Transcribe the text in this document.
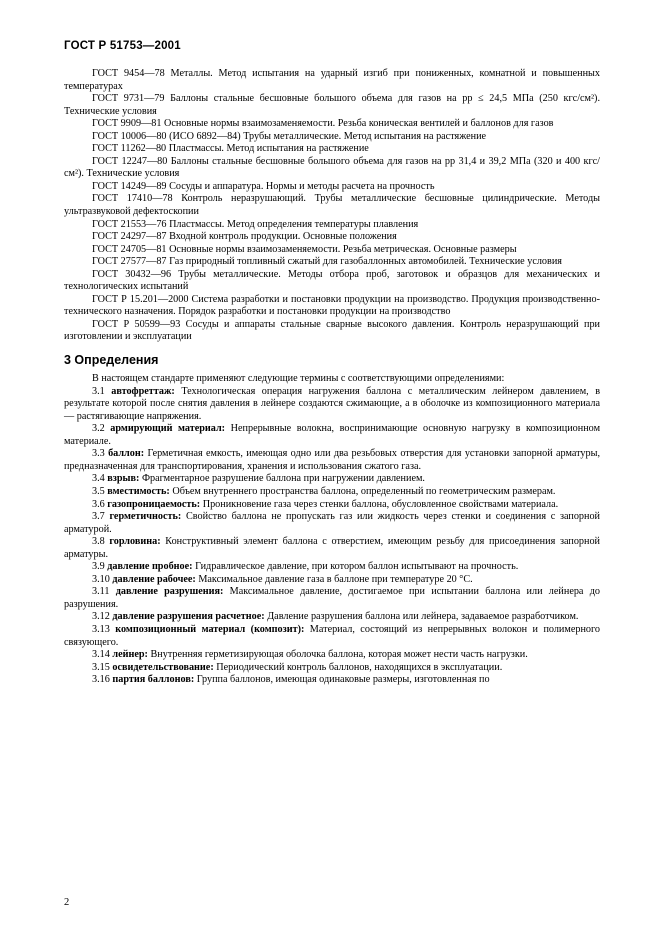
ГОСТ Р 51753—2001

ГОСТ 9454—78 Металлы. Метод испытания на ударный изгиб при пониженных, комнатной и повышенных температурах

ГОСТ 9731—79 Баллоны стальные бесшовные большого объема для газов на pр ≤ 24,5 МПа (250 кгс/см²). Технические условия

ГОСТ 9909—81 Основные нормы взаимозаменяемости. Резьба коническая вентилей и баллонов для газов

ГОСТ 10006—80 (ИСО 6892—84) Трубы металлические. Метод испытания на растяжение

ГОСТ 11262—80 Пластмассы. Метод испытания на растяжение

ГОСТ 12247—80 Баллоны стальные бесшовные большого объема для газов на pр 31,4 и 39,2 МПа (320 и 400 кгс/см²). Технические условия

ГОСТ 14249—89 Сосуды и аппаратура. Нормы и методы расчета на прочность

ГОСТ 17410—78 Контроль неразрушающий. Трубы металлические бесшовные цилиндрические. Методы ультразвуковой дефектоскопии

ГОСТ 21553—76 Пластмассы. Метод определения температуры плавления

ГОСТ 24297—87 Входной контроль продукции. Основные положения

ГОСТ 24705—81 Основные нормы взаимозаменяемости. Резьба метрическая. Основные размеры

ГОСТ 27577—87 Газ природный топливный сжатый для газобаллонных автомобилей. Технические условия

ГОСТ 30432—96 Трубы металлические. Методы отбора проб, заготовок и образцов для механических и технологических испытаний

ГОСТ Р 15.201—2000 Система разработки и постановки продукции на производство. Продукция производственно-технического назначения. Порядок разработки и постановки продукции на производство

ГОСТ Р 50599—93 Сосуды и аппараты стальные сварные высокого давления. Контроль неразрушающий при изготовлении и эксплуатации

3 Определения

В настоящем стандарте применяют следующие термины с соответствующими определениями:

3.1 автофреттаж: Технологическая операция нагружения баллона с металлическим лейнером давлением, в результате которой после снятия давления в лейнере создаются сжимающие, а в оболочке из композиционного материала — растягивающие напряжения.

3.2 армирующий материал: Непрерывные волокна, воспринимающие основную нагрузку в композиционном материале.

3.3 баллон: Герметичная емкость, имеющая одно или два резьбовых отверстия для установки запорной арматуры, предназначенная для транспортирования, хранения и использования сжатого газа.

3.4 взрыв: Фрагментарное разрушение баллона при нагружении давлением.

3.5 вместимость: Объем внутреннего пространства баллона, определенный по геометрическим размерам.

3.6 газопроницаемость: Проникновение газа через стенки баллона, обусловленное свойствами материала.

3.7 герметичность: Свойство баллона не пропускать газ или жидкость через стенки и соединения с запорной арматурой.

3.8 горловина: Конструктивный элемент баллона с отверстием, имеющим резьбу для присоединения запорной арматуры.

3.9 давление пробное: Гидравлическое давление, при котором баллон испытывают на прочность.

3.10 давление рабочее: Максимальное давление газа в баллоне при температуре 20 °С.

3.11 давление разрушения: Максимальное давление, достигаемое при испытании баллона или лейнера до разрушения.

3.12 давление разрушения расчетное: Давление разрушения баллона или лейнера, задаваемое разработчиком.

3.13 композиционный материал (композит): Материал, состоящий из непрерывных волокон и полимерного связующего.

3.14 лейнер: Внутренняя герметизирующая оболочка баллона, которая может нести часть нагрузки.

3.15 освидетельствование: Периодический контроль баллонов, находящихся в эксплуатации.

3.16 партия баллонов: Группа баллонов, имеющая одинаковые размеры, изготовленная по

2
